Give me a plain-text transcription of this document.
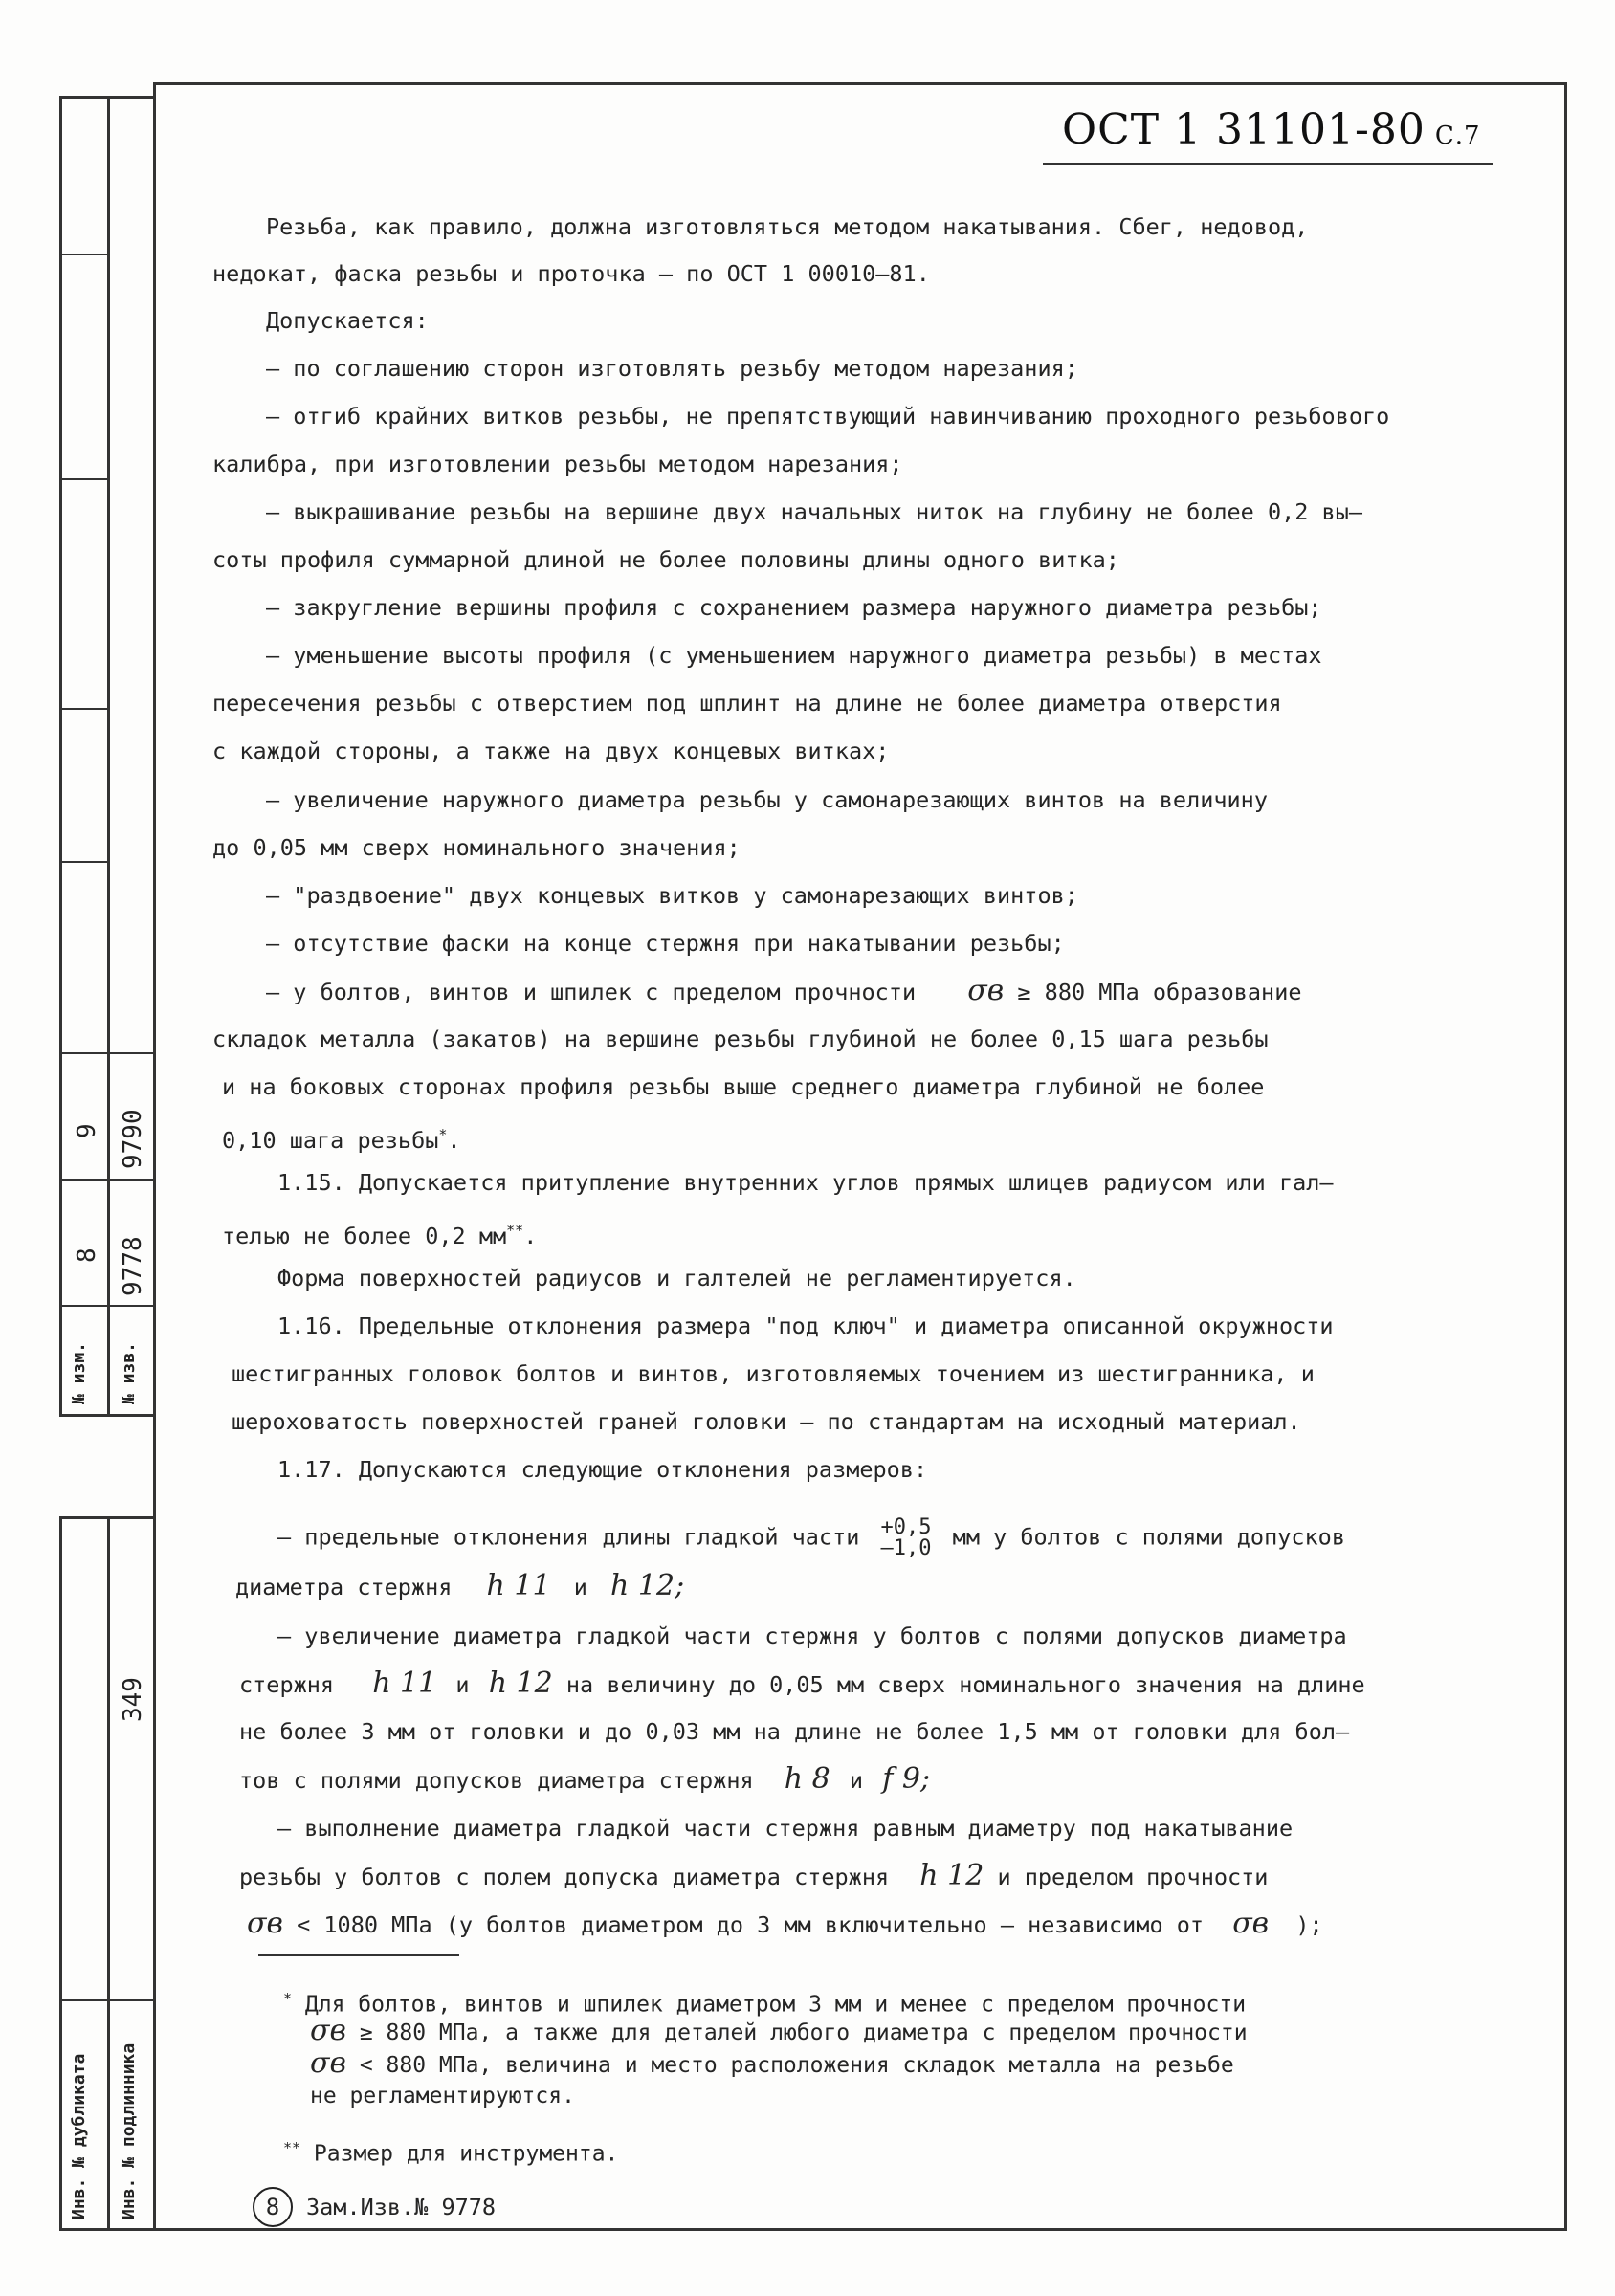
№ изм. № изв.
8
9
9778
9790
349
Инв. № дубликата Инв. № подлинника
ОСТ 1 31101-80 С.7
Резьба, как правило, должна изготовляться методом накатывания. Сбег, недовод,
недокат, фаска резьбы и проточка – по ОСТ 1 00010–81.
Допускается:
– по соглашению сторон изготовлять резьбу методом нарезания;
– отгиб крайних витков резьбы, не препятствующий навинчиванию проходного резьбового
калибра, при изготовлении резьбы методом нарезания;
– выкрашивание резьбы на вершине двух начальных ниток на глубину не более 0,2 вы–
соты профиля суммарной длиной не более половины длины одного витка;
– закругление вершины профиля с сохранением размера наружного диаметра резьбы;
– уменьшение высоты профиля (с уменьшением наружного диаметра резьбы) в местах
пересечения резьбы с отверстием под шплинт на длине не более диаметра отверстия
с каждой стороны, а также на двух концевых витках;
– увеличение наружного диаметра резьбы у самонарезающих винтов на величину
до 0,05 мм сверх номинального значения;
– "раздвоение" двух концевых витков у самонарезающих винтов;
– отсутствие фаски на конце стержня при накатывании резьбы;
– у болтов, винтов и шпилек с пределом прочности σв ≥ 880 МПа образование
складок металла (закатов) на вершине резьбы глубиной не более 0,15 шага резьбы
и на боковых сторонах профиля резьбы выше среднего диаметра глубиной не более
0,10 шага резьбы*.
1.15. Допускается притупление внутренних углов прямых шлицев радиусом или гал–
телью не более 0,2 мм**.
Форма поверхностей радиусов и галтелей не регламентируется.
1.16. Предельные отклонения размера "под ключ" и диаметра описанной окружности
шестигранных головок болтов и винтов, изготовляемых точением из шестигранника, и
шероховатость поверхностей граней головки – по стандартам на исходный материал.
1.17. Допускаются следующие отклонения размеров:
– предельные отклонения длины гладкой части +0,5
–1,0 мм у болтов с полями допусков
диаметра стержня h 11 и h 12;
– увеличение диаметра гладкой части стержня у болтов с полями допусков диаметра
стержня h 11 и h 12 на величину до 0,05 мм сверх номинального значения на длине
не более 3 мм от головки и до 0,03 мм на длине не более 1,5 мм от головки для бол–
тов с полями допусков диаметра стержня h 8 и f 9;
– выполнение диаметра гладкой части стержня равным диаметру под накатывание
резьбы у болтов с полем допуска диаметра стержня h 12 и пределом прочности
σв < 1080 МПа (у болтов диаметром до 3 мм включительно – независимо от σв );
* Для болтов, винтов и шпилек диаметром 3 мм и менее с пределом прочности
σв ≥ 880 МПа, а также для деталей любого диаметра с пределом прочности
σв < 880 МПа, величина и место расположения складок металла на резьбе
не регламентируются.
** Размер для инструмента.
8 Зам.Изв.№ 9778
